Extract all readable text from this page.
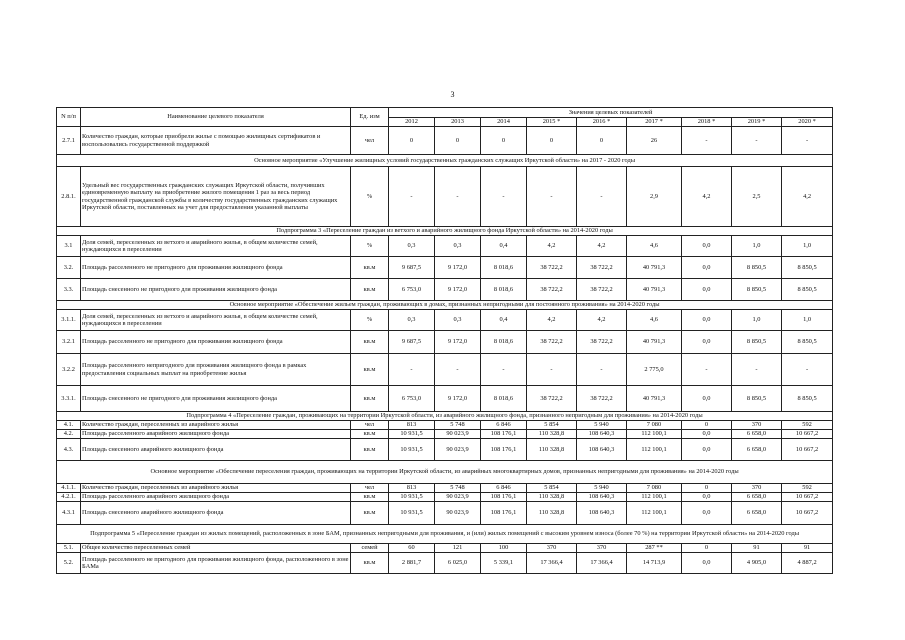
3
N п/п	Наименование целевого показателя	Ед. изм	Значения целевых показателей								
			2012	2013	2014	2015 *	2016 *	2017 *	2018 *	2019 *	2020 *
2.7.1	Количество граждан, которые приобрели жилье с помощью жилищных сертификатов и воспользовались государственной поддержкой	чел	0	0	0	0	0	26	-	-	-
Основное мероприятие «Улучшение жилищных условий государственных гражданских служащих Иркутской области» на 2017 - 2020 годы											
2.8.1.	Удельный вес государственных гражданских служащих Иркутской области, получивших единовременную выплату на приобретение жилого помещения 1 раз за весь период государственной гражданской службы в количеству государственных гражданских служащих Иркутской области, поставленных на учет для предоставления указанной выплаты	%	-	-	-	-	-	2,9	4,2	2,5	4,2
Подпрограмма 3 «Переселение граждан из ветхого и аварийного жилищного фонда Иркутской области» на 2014-2020 годы											
3.1	Доля семей, переселенных из ветхого и аварийного жилья, в общем количестве семей, нуждающихся в переселении	%	0,3	0,3	0,4	4,2	4,2	4,6	0,0	1,0	1,0
3.2.	Площадь расселенного не пригодного для проживания жилищного фонда	кв.м	9 687,5	9 172,0	8 018,6	38 722,2	38 722,2	40 791,3	0,0	8 850,5	8 850,5
3.3.	Площадь снесенного не пригодного для проживания жилищного фонда	кв.м	6 753,0	9 172,0	8 018,6	38 722,2	38 722,2	40 791,3	0,0	8 850,5	8 850,5
Основное мероприятие «Обеспечение жильем граждан, проживающих в домах, признанных непригодными для постоянного проживания» на 2014-2020 годы											
3.1.1.	Доля семей, переселенных из ветхого и аварийного жилья, в общем количестве семей, нуждающихся в переселении	%	0,3	0,3	0,4	4,2	4,2	4,6	0,0	1,0	1,0
3.2.1	Площадь расселенного не пригодного для проживания жилищного фонда	кв.м	9 687,5	9 172,0	8 018,6	38 722,2	38 722,2	40 791,3	0,0	8 850,5	8 850,5
3.2.2	Площадь расселенного непригодного для проживания жилищного фонда в рамках предоставления социальных выплат на приобретение жилья	кв.м	-	-	-	-	-	2 775,0	-	-	-
3.3.1.	Площадь снесенного не пригодного для проживания жилищного фонда	кв.м	6 753,0	9 172,0	8 018,6	38 722,2	38 722,2	40 791,3	0,0	8 850,5	8 850,5
Подпрограмма 4 «Переселение граждан, проживающих на территории Иркутской области, из аварийного жилищного фонда, признанного непригодным для проживания» на 2014-2020 годы											
4.1.	Количество граждан, переселенных из аварийного жилья	чел	813	5 748	6 846	5 854	5 940	7 080	0	370	592
4.2.	Площадь расселенного аварийного жилищного фонда	кв.м	10 931,5	90 023,9	108 176,1	110 328,8	108 640,3	112 100,1	0,0	6 658,0	10 667,2
4.3.	Площадь снесенного аварийного жилищного фонда	кв.м	10 931,5	90 023,9	108 176,1	110 328,8	108 640,3	112 100,1	0,0	6 658,0	10 667,2
Основное мероприятие «Обеспечение переселения граждан, проживающих на территории Иркутской области, из аварийных многоквартирных домов, признанных непригодными для проживания» на 2014-2020 годы											
4.1.1.	Количество граждан, переселенных из аварийного жилья	чел	813	5 748	6 846	5 854	5 940	7 080	0	370	592
4.2.1.	Площадь расселенного аварийного жилищного фонда	кв.м	10 931,5	90 023,9	108 176,1	110 328,8	108 640,3	112 100,1	0,0	6 658,0	10 667,2
4.3.1	Площадь снесенного аварийного жилищного фонда	кв.м	10 931,5	90 023,9	108 176,1	110 328,8	108 640,3	112 100,1	0,0	6 658,0	10 667,2
Подпрограмма 5 «Переселение граждан из жилых помещений, расположенных в зоне БАМ, признанных непригодными для проживания, и (или) жилых помещений с высоким уровнем износа (более 70 %) на территории Иркутской области» на 2014-2020 годы											
5.1.	Общее количество переселенных семей	семей	60	121	100	370	370	287 **	0	91	91
5.2.	Площадь расселенного не пригодного для проживания жилищного фонда, расположенного в зоне БАМа	кв.м	2 881,7	6 025,0	5 339,1	17 366,4	17 366,4	14 713,9	0,0	4 905,0	4 887,2
